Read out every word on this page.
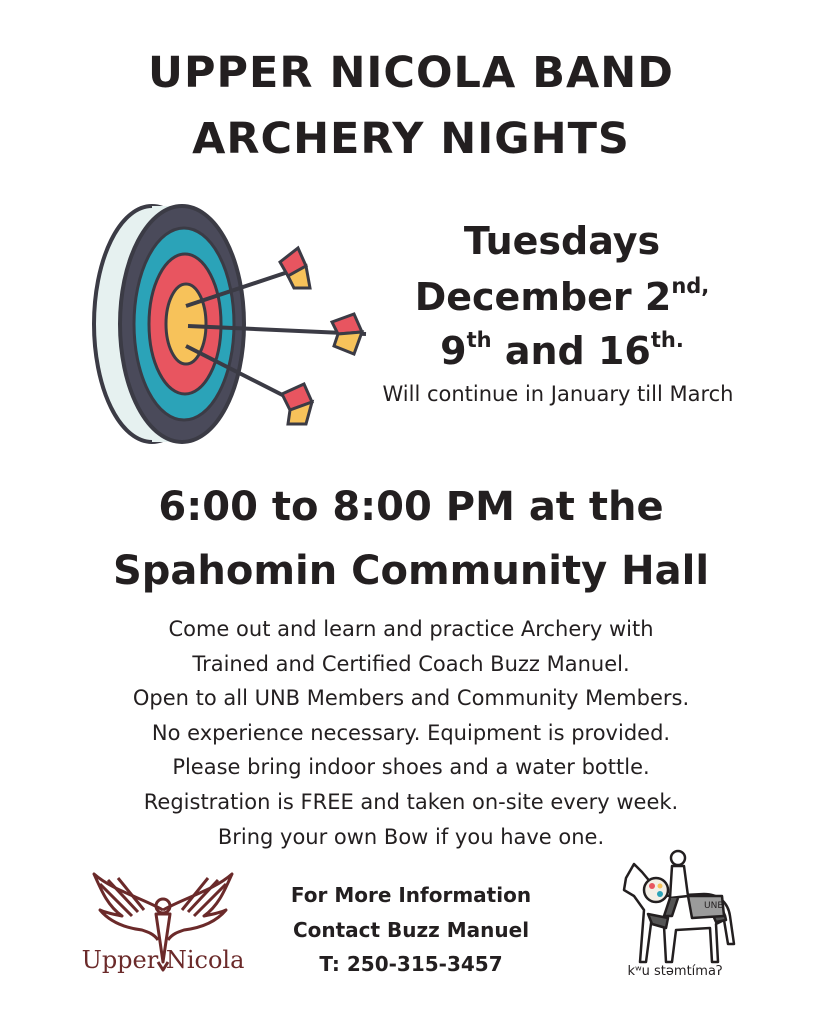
UPPER NICOLA BAND
ARCHERY NIGHTS
Tuesdays
December $2^{nd,}$
9th and $16^{th.}$
Will continue in January till March
6:00 to 8:00 PM at the
Spahomin Community Hall
Come out and learn and practice Archery with
Trained and Certified Coach Buzz Manuel.
Open to all UNB Members and Community Members.
No experience necessary. Equipment is provided.
Please bring indoor shoes and a water bottle.
Registration is FREE and taken on-site every week.
Bring your own Bow if you have one.
Upper Nicola
For More Information
Contact Buzz Manuel
T: 250-315-3457
UNB
kʷu stəmtímaʔ
